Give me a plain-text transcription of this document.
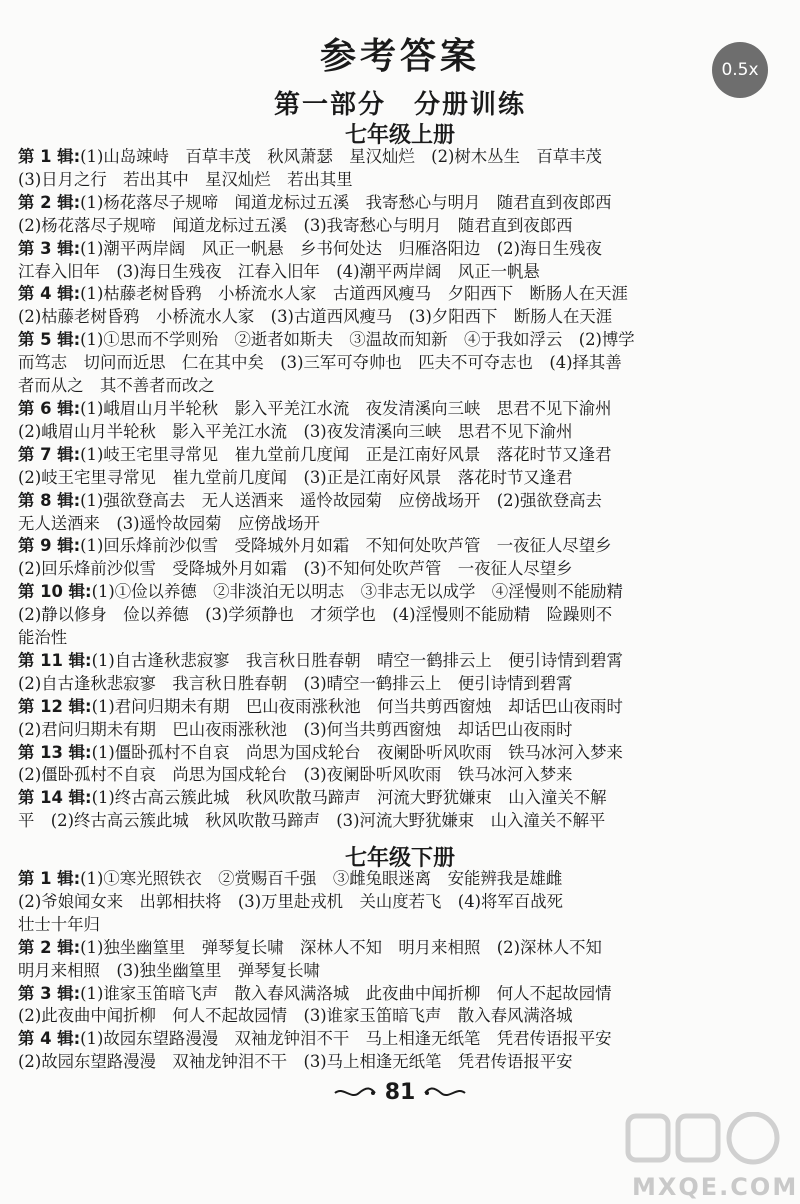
参考答案	0.5x
第一部分　分册训练
七年级上册
第 1 辑:(1)山岛竦峙　百草丰茂　秋风萧瑟　星汉灿烂　(2)树木丛生　百草丰茂
(3)日月之行　若出其中　星汉灿烂　若出其里
第 2 辑:(1)杨花落尽子规啼　闻道龙标过五溪　我寄愁心与明月　随君直到夜郎西
(2)杨花落尽子规啼　闻道龙标过五溪　(3)我寄愁心与明月　随君直到夜郎西
第 3 辑:(1)潮平两岸阔　风正一帆悬　乡书何处达　归雁洛阳边　(2)海日生残夜
江春入旧年　(3)海日生残夜　江春入旧年　(4)潮平两岸阔　风正一帆悬
第 4 辑:(1)枯藤老树昏鸦　小桥流水人家　古道西风瘦马　夕阳西下　断肠人在天涯
(2)枯藤老树昏鸦　小桥流水人家　(3)古道西风瘦马　(3)夕阳西下　断肠人在天涯
第 5 辑:(1)①思而不学则殆　②逝者如斯夫　③温故而知新　④于我如浮云　(2)博学
而笃志　切问而近思　仁在其中矣　(3)三军可夺帅也　匹夫不可夺志也　(4)择其善
者而从之　其不善者而改之
第 6 辑:(1)峨眉山月半轮秋　影入平羌江水流　夜发清溪向三峡　思君不见下渝州
(2)峨眉山月半轮秋　影入平羌江水流　(3)夜发清溪向三峡　思君不见下渝州
第 7 辑:(1)岐王宅里寻常见　崔九堂前几度闻　正是江南好风景　落花时节又逢君
(2)岐王宅里寻常见　崔九堂前几度闻　(3)正是江南好风景　落花时节又逢君
第 8 辑:(1)强欲登高去　无人送酒来　遥怜故园菊　应傍战场开　(2)强欲登高去
无人送酒来　(3)遥怜故园菊　应傍战场开
第 9 辑:(1)回乐烽前沙似雪　受降城外月如霜　不知何处吹芦管　一夜征人尽望乡
(2)回乐烽前沙似雪　受降城外月如霜　(3)不知何处吹芦管　一夜征人尽望乡
第 10 辑:(1)①俭以养德　②非淡泊无以明志　③非志无以成学　④淫慢则不能励精
(2)静以修身　俭以养德　(3)学须静也　才须学也　(4)淫慢则不能励精　险躁则不
能治性
第 11 辑:(1)自古逢秋悲寂寥　我言秋日胜春朝　晴空一鹤排云上　便引诗情到碧霄
(2)自古逢秋悲寂寥　我言秋日胜春朝　(3)晴空一鹤排云上　便引诗情到碧霄
第 12 辑:(1)君问归期未有期　巴山夜雨涨秋池　何当共剪西窗烛　却话巴山夜雨时
(2)君问归期未有期　巴山夜雨涨秋池　(3)何当共剪西窗烛　却话巴山夜雨时
第 13 辑:(1)僵卧孤村不自哀　尚思为国戍轮台　夜阑卧听风吹雨　铁马冰河入梦来
(2)僵卧孤村不自哀　尚思为国戍轮台　(3)夜阑卧听风吹雨　铁马冰河入梦来
第 14 辑:(1)终古高云簇此城　秋风吹散马蹄声　河流大野犹嫌束　山入潼关不解
平　(2)终古高云簇此城　秋风吹散马蹄声　(3)河流大野犹嫌束　山入潼关不解平
七年级下册
第 1 辑:(1)①寒光照铁衣　②赏赐百千强　③雌兔眼迷离　安能辨我是雄雌
(2)爷娘闻女来　出郭相扶将　(3)万里赴戎机　关山度若飞　(4)将军百战死
壮士十年归
第 2 辑:(1)独坐幽篁里　弹琴复长啸　深林人不知　明月来相照　(2)深林人不知
明月来相照　(3)独坐幽篁里　弹琴复长啸
第 3 辑:(1)谁家玉笛暗飞声　散入春风满洛城　此夜曲中闻折柳　何人不起故园情
(2)此夜曲中闻折柳　何人不起故园情　(3)谁家玉笛暗飞声　散入春风满洛城
第 4 辑:(1)故园东望路漫漫　双袖龙钟泪不干　马上相逢无纸笔　凭君传语报平安
(2)故园东望路漫漫　双袖龙钟泪不干　(3)马上相逢无纸笔　凭君传语报平安
81
MXQE.COM
